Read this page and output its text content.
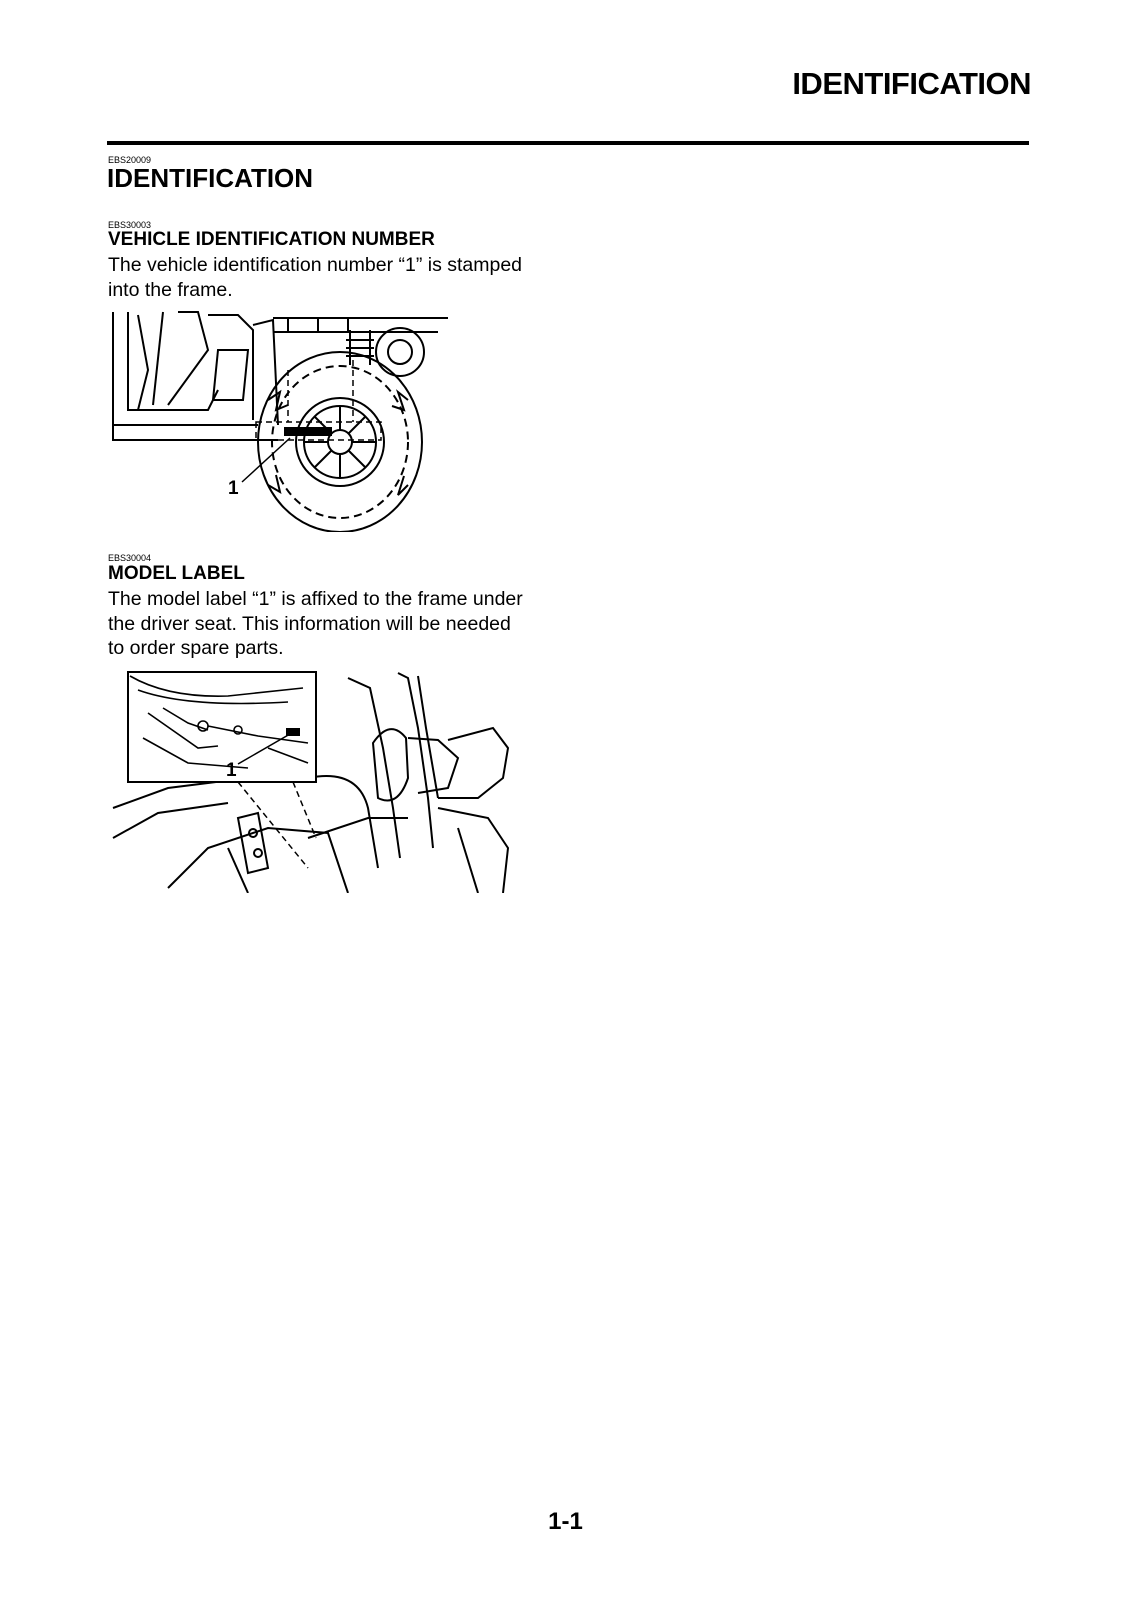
IDENTIFICATION
EBS20009
IDENTIFICATION
EBS30003
VEHICLE IDENTIFICATION NUMBER
The vehicle identification number “1” is stamped
into the frame.
1
EBS30004
MODEL LABEL
The model label “1” is affixed to the frame under
the driver seat. This information will be needed
to order spare parts.
1
1-1
